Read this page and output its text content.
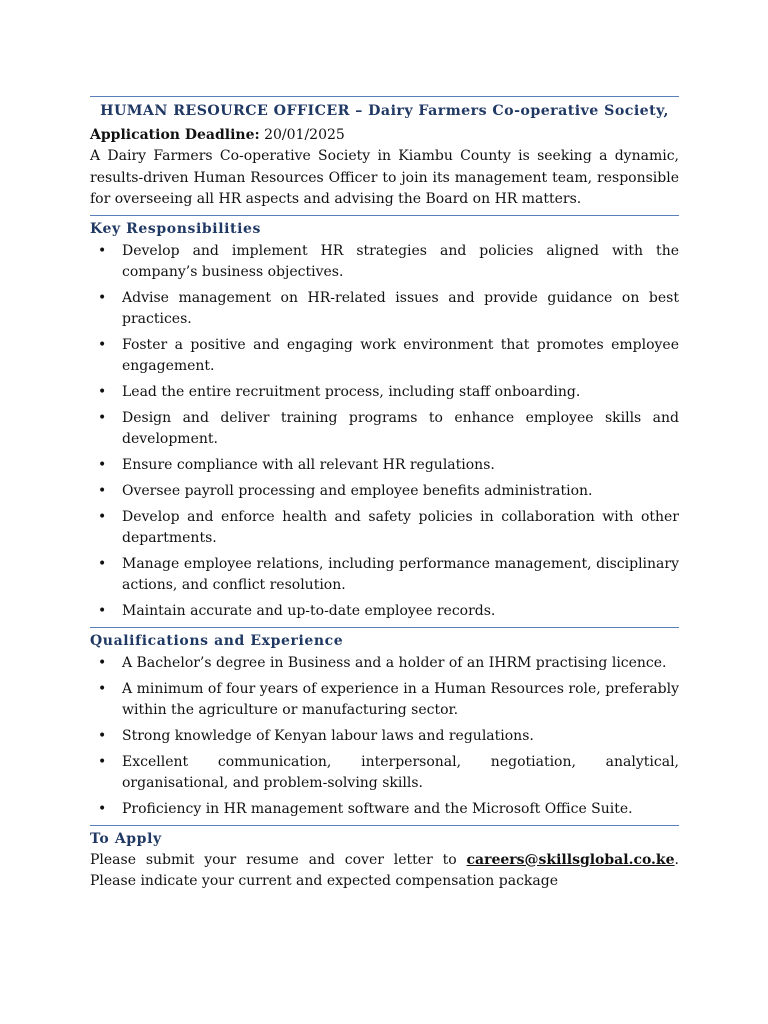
HUMAN RESOURCE OFFICER – Dairy Farmers Co-operative Society,
Application Deadline: 20/01/2025
A Dairy Farmers Co-operative Society in Kiambu County is seeking a dynamic, results-driven Human Resources Officer to join its management team, responsible for overseeing all HR aspects and advising the Board on HR matters.
Key Responsibilities
• Develop and implement HR strategies and policies aligned with the company’s business objectives.
• Advise management on HR-related issues and provide guidance on best practices.
• Foster a positive and engaging work environment that promotes employee engagement.
• Lead the entire recruitment process, including staff onboarding.
• Design and deliver training programs to enhance employee skills and development.
• Ensure compliance with all relevant HR regulations.
• Oversee payroll processing and employee benefits administration.
• Develop and enforce health and safety policies in collaboration with other departments.
• Manage employee relations, including performance management, disciplinary actions, and conflict resolution.
• Maintain accurate and up-to-date employee records.
Qualifications and Experience
• A Bachelor’s degree in Business and a holder of an IHRM practising licence.
• A minimum of four years of experience in a Human Resources role, preferably within the agriculture or manufacturing sector.
• Strong knowledge of Kenyan labour laws and regulations.
• Excellent communication, interpersonal, negotiation, analytical, organisational, and problem-solving skills.
• Proficiency in HR management software and the Microsoft Office Suite.
To Apply
Please submit your resume and cover letter to careers@skillsglobal.co.ke. Please indicate your current and expected compensation package
